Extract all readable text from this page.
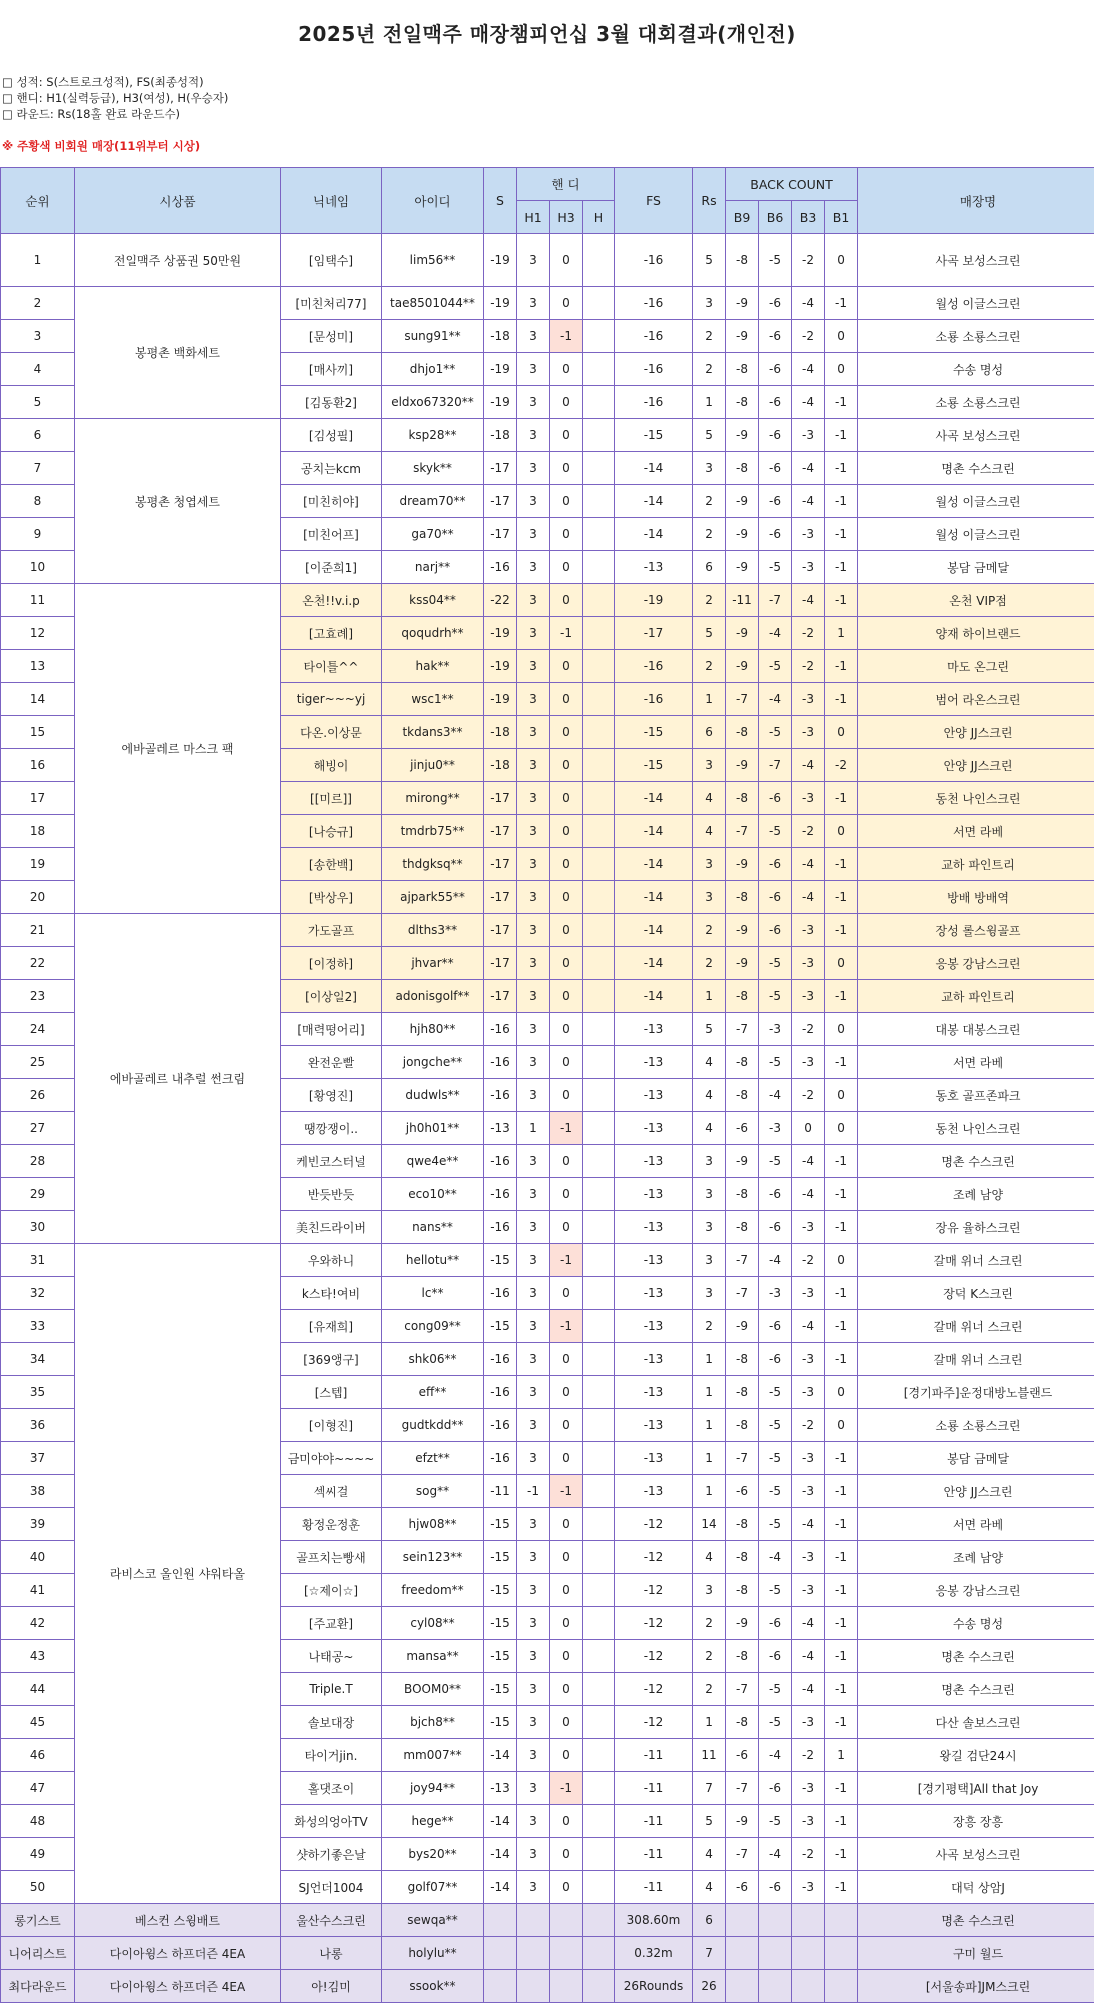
2025년 전일맥주 매장챔피언십 3월 대회결과(개인전)
□ 성적: S(스트로크성적), FS(최종성적)
□ 핸디: H1(실력등급), H3(여성), H(우승자)
□ 라운드: Rs(18홀 완료 라운드수)
※ 주황색 비회원 매장(11위부터 시상)
순위	시상품	닉네임	아이디	S	핸 디			FS	Rs	BACK COUNT				매장명
					H1	H3	H			B9	B6	B3	B1	
1	전일맥주 상품권 50만원	[임택수]	lim56**	-19	3	0		-16	5	-8	-5	-2	0	사곡 보성스크린
2	봉평촌 백화세트	[미친처리77]	tae8501044**	-19	3	0		-16	3	-9	-6	-4	-1	월성 이글스크린
3		[문성미]	sung91**	-18	3	-1		-16	2	-9	-6	-2	0	소룡 소룡스크린
4		[매사끼]	dhjo1**	-19	3	0		-16	2	-8	-6	-4	0	수송 명성
5		[김동환2]	eldxo67320**	-19	3	0		-16	1	-8	-6	-4	-1	소룡 소룡스크린
6	봉평촌 청엽세트	[김성필]	ksp28**	-18	3	0		-15	5	-9	-6	-3	-1	사곡 보성스크린
7		공치는kcm	skyk**	-17	3	0		-14	3	-8	-6	-4	-1	명촌 수스크린
8		[미친히야]	dream70**	-17	3	0		-14	2	-9	-6	-4	-1	월성 이글스크린
9		[미친어프]	ga70**	-17	3	0		-14	2	-9	-6	-3	-1	월성 이글스크린
10		[이준희1]	narj**	-16	3	0		-13	6	-9	-5	-3	-1	봉담 금메달
11	에바골레르 마스크 팩	온천!!v.i.p	kss04**	-22	3	0		-19	2	-11	-7	-4	-1	온천 VIP점
12		[고효례]	qoqudrh**	-19	3	-1		-17	5	-9	-4	-2	1	양재 하이브랜드
13		타이틀^^	hak**	-19	3	0		-16	2	-9	-5	-2	-1	마도 온그린
14		tiger~~~yj	wsc1**	-19	3	0		-16	1	-7	-4	-3	-1	범어 라온스크린
15		다온.이상문	tkdans3**	-18	3	0		-15	6	-8	-5	-3	0	안양 JJ스크린
16		해빙이	jinju0**	-18	3	0		-15	3	-9	-7	-4	-2	안양 JJ스크린
17		[[미르]]	mirong**	-17	3	0		-14	4	-8	-6	-3	-1	동천 나인스크린
18		[나승규]	tmdrb75**	-17	3	0		-14	4	-7	-5	-2	0	서면 라베
19		[송한백]	thdgksq**	-17	3	0		-14	3	-9	-6	-4	-1	교하 파인트리
20		[박상우]	ajpark55**	-17	3	0		-14	3	-8	-6	-4	-1	방배 방배역
21	에바골레르 내추럴 썬크림	가도골프	dlths3**	-17	3	0		-14	2	-9	-6	-3	-1	장성 롤스윙골프
22		[이정하]	jhvar**	-17	3	0		-14	2	-9	-5	-3	0	응봉 강남스크린
23		[이상일2]	adonisgolf**	-17	3	0		-14	1	-8	-5	-3	-1	교하 파인트리
24		[매력떵어리]	hjh80**	-16	3	0		-13	5	-7	-3	-2	0	대봉 대봉스크린
25		완전운빨	jongche**	-16	3	0		-13	4	-8	-5	-3	-1	서면 라베
26		[황영진]	dudwls**	-16	3	0		-13	4	-8	-4	-2	0	동호 골프존파크
27		땡깡쟁이..	jh0h01**	-13	1	-1		-13	4	-6	-3	0	0	동천 나인스크린
28		케빈코스터널	qwe4e**	-16	3	0		-13	3	-9	-5	-4	-1	명촌 수스크린
29		반듯반듯	eco10**	-16	3	0		-13	3	-8	-6	-4	-1	조례 남양
30		美친드라이버	nans**	-16	3	0		-13	3	-8	-6	-3	-1	장유 율하스크린
31	라비스코 올인원 샤워타올	우와하니	hellotu**	-15	3	-1		-13	3	-7	-4	-2	0	갈매 위너 스크린
32		k스타!여비	lc**	-16	3	0		-13	3	-7	-3	-3	-1	장덕 K스크린
33		[유재희]	cong09**	-15	3	-1		-13	2	-9	-6	-4	-1	갈매 위너 스크린
34		[369앵구]	shk06**	-16	3	0		-13	1	-8	-6	-3	-1	갈매 위너 스크린
35		[스텝]	eff**	-16	3	0		-13	1	-8	-5	-3	0	[경기파주]운정대방노블랜드
36		[이형진]	gudtkdd**	-16	3	0		-13	1	-8	-5	-2	0	소룡 소룡스크린
37		금미야야~~~~	efzt**	-16	3	0		-13	1	-7	-5	-3	-1	봉담 금메달
38		섹씨걸	sog**	-11	-1	-1		-13	1	-6	-5	-3	-1	안양 JJ스크린
39		황정운정훈	hjw08**	-15	3	0		-12	14	-8	-5	-4	-1	서면 라베
40		골프치는빵새	sein123**	-15	3	0		-12	4	-8	-4	-3	-1	조례 남양
41		[☆제이☆]	freedom**	-15	3	0		-12	3	-8	-5	-3	-1	응봉 강남스크린
42		[주교환]	cyl08**	-15	3	0		-12	2	-9	-6	-4	-1	수송 명성
43		나태공~	mansa**	-15	3	0		-12	2	-8	-6	-4	-1	명촌 수스크린
44		Triple.T	BOOM0**	-15	3	0		-12	2	-7	-5	-4	-1	명촌 수스크린
45		솔보대장	bjch8**	-15	3	0		-12	1	-8	-5	-3	-1	다산 솔보스크린
46		타이거jin.	mm007**	-14	3	0		-11	11	-6	-4	-2	1	왕길 검단24시
47		홀댓조이	joy94**	-13	3	-1		-11	7	-7	-6	-3	-1	[경기평택]All that Joy
48		화성의엉아TV	hege**	-14	3	0		-11	5	-9	-5	-3	-1	장흥 장흥
49		샷하기좋은날	bys20**	-14	3	0		-11	4	-7	-4	-2	-1	사곡 보성스크린
50		SJ언더1004	golf07**	-14	3	0		-11	4	-6	-6	-3	-1	대덕 상암J
롱기스트	베스컨 스윙배트	울산수스크린	sewqa**					308.60m	6					명촌 수스크린
니어리스트	다이아윙스 하프더즌 4EA	나롱	holylu**					0.32m	7					구미 월드
최다라운드	다이아윙스 하프더즌 4EA	아!김미	ssook**					26Rounds	26					[서울송파]JM스크린
